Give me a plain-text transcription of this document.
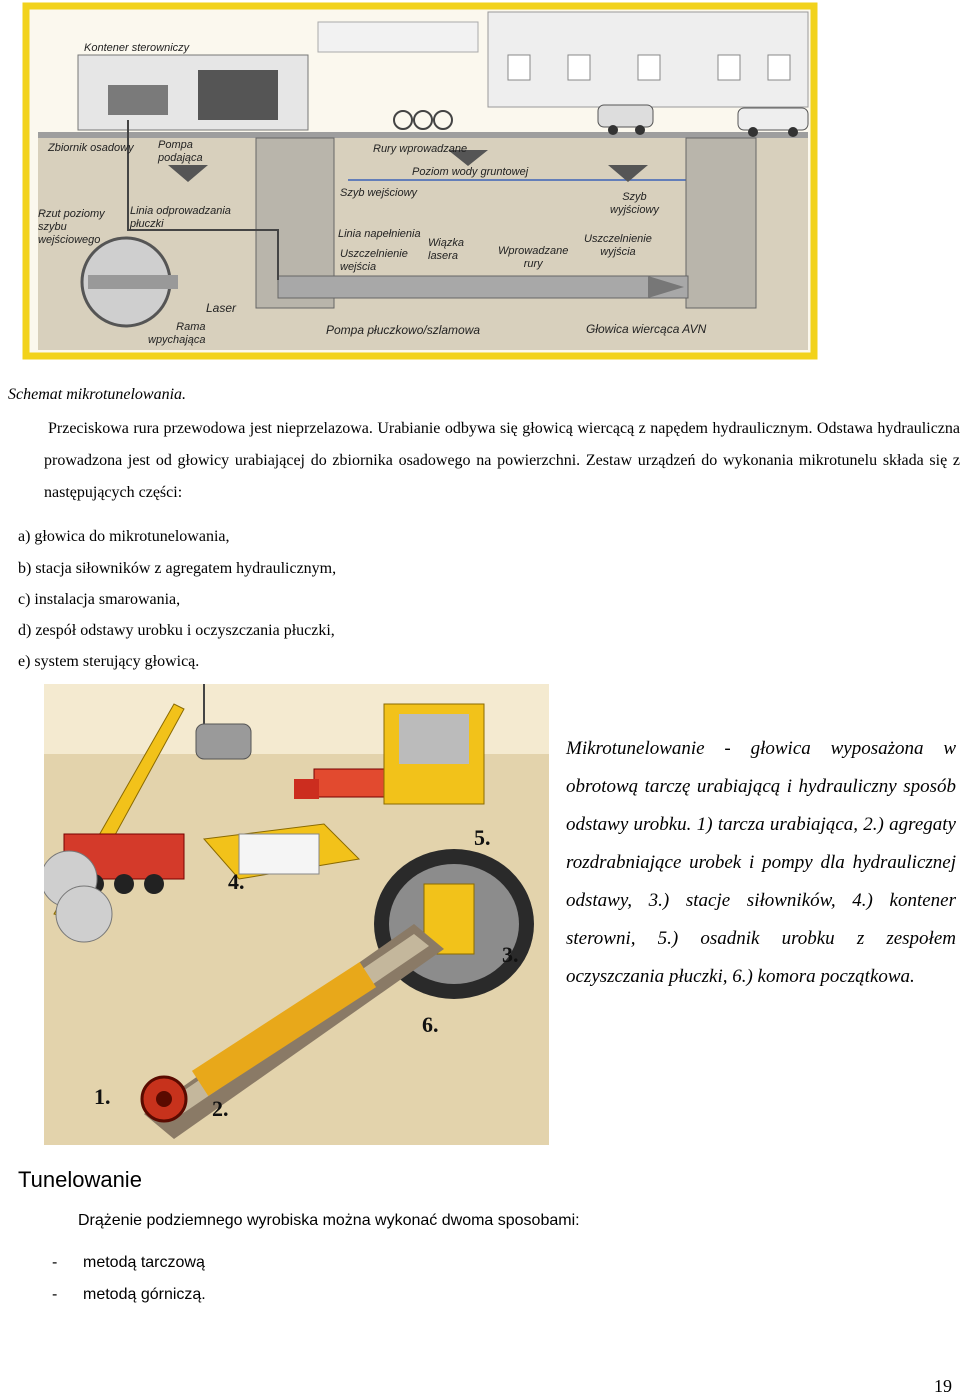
Kontener sterowniczy
Zbiornik osadowy Pompa
podająca
Rury wprowadzane
Poziom wody gruntowej
Szyb wejściowy
Rzut poziomy
szybu
wejściowego
Linia odprowadzania
płuczki
Linia napełnienia
Uszczelnienie
wejścia
Wiązka
lasera	Wprowadzane
rury
Szyb
wyjściowy
Uszczelnienie
wyjścia
Laser
Rama
wpychająca
Pompa płuczkowo/szlamowa	Głowica wiercąca AVN
Schemat mikrotunelowania.
Przeciskowa rura przewodowa jest nieprzelazowa. Urabianie odbywa się głowicą wiercącą z napędem hydraulicznym. Odstawa hydrauliczna prowadzona jest od głowicy urabiającej do zbiornika osadowego na powierzchni. Zestaw urządzeń do wykonania mikrotunelu składa się z następujących części:
a) głowica do mikrotunelowania,
b) stacja siłowników z agregatem hydraulicznym,
c) instalacja smarowania,
d) zespół odstawy urobku i oczyszczania płuczki,
e) system sterujący głowicą.
1.	2.
3.
4.
5.
6.
Mikrotunelowanie - głowica wyposażona w obrotową tarczę urabiającą i hydrauliczny sposób odstawy urobku. 1) tarcza urabiająca, 2.) agregaty rozdrabniające urobek i pompy dla hydraulicznej odstawy, 3.) stacje siłowników, 4.) kontener sterowni, 5.) osadnik urobku z zespołem oczyszczania płuczki, 6.) komora początkowa.
Tunelowanie
Drążenie podziemnego wyrobiska można wykonać dwoma sposobami:
- metodą tarczową
- metodą górniczą.
19
